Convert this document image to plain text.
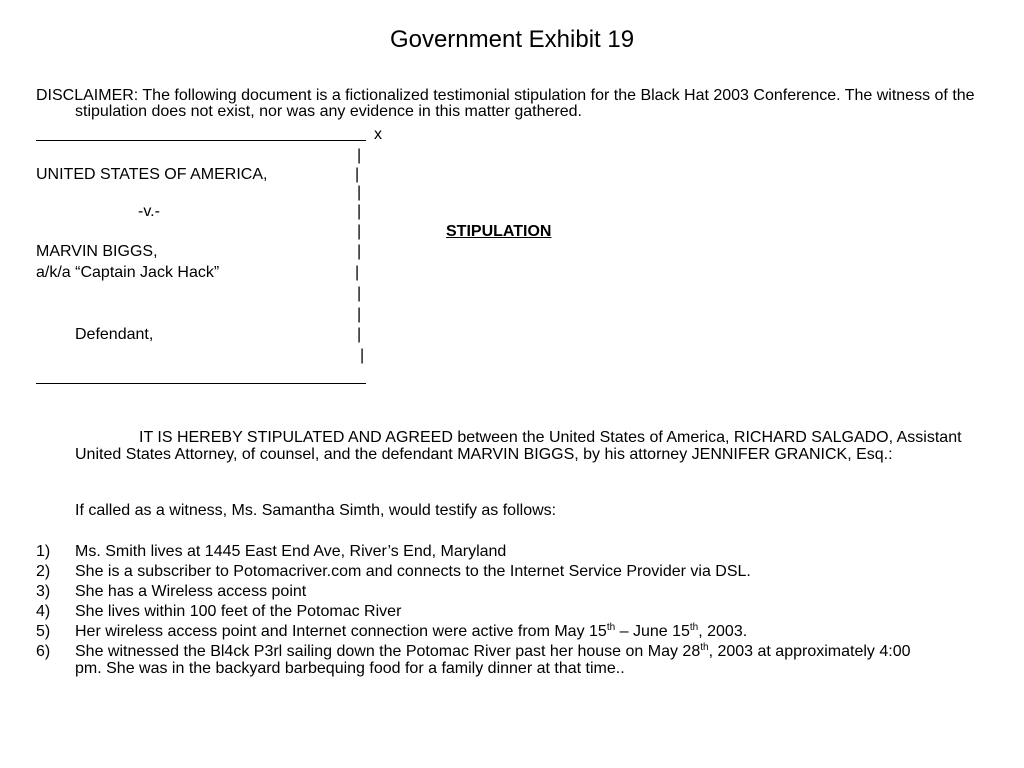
Government Exhibit 19

DISCLAIMER: The following document is a fictionalized testimonial stipulation for the Black Hat 2003 Conference. The witness of the stipulation does not exist, nor was any evidence in this matter gathered.

x
|
UNITED STATES OF AMERICA,	|
|
-v.-	|
|	STIPULATION
MARVIN BIGGS,	|
a/k/a “Captain Jack Hack”	|
|
|
Defendant,	|
|

IT IS HEREBY STIPULATED AND AGREED between the United States of America, RICHARD SALGADO, Assistant United States Attorney, of counsel, and the defendant MARVIN BIGGS, by his attorney JENNIFER GRANICK, Esq.:

If called as a witness, Ms. Samantha Simth, would testify as follows:

1) Ms. Smith lives at 1445 East End Ave, River’s End, Maryland
2) She is a subscriber to Potomacriver.com and connects to the Internet Service Provider via DSL.
3) She has a Wireless access point
4) She lives within 100 feet of the Potomac River
5) Her wireless access point and Internet connection were active from May 15th – June 15th, 2003.
6) She witnessed the Bl4ck P3rl sailing down the Potomac River past her house on May 28th, 2003 at approximately 4:00 pm. She was in the backyard barbequing food for a family dinner at that time..
